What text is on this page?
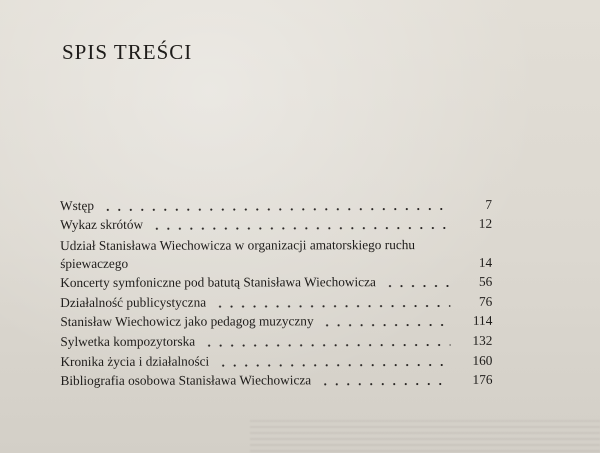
SPIS TREŚCI
Wstęp	7
Wykaz skrótów	12
Udział Stanisława Wiechowicza w organizacji amatorskiego ruchu śpiewaczego	14
Koncerty symfoniczne pod batutą Stanisława Wiechowicza	56
Działalność publicystyczna	76
Stanisław Wiechowicz jako pedagog muzyczny	114
Sylwetka kompozytorska	132
Kronika życia i działalności	160
Bibliografia osobowa Stanisława Wiechowicza	176
